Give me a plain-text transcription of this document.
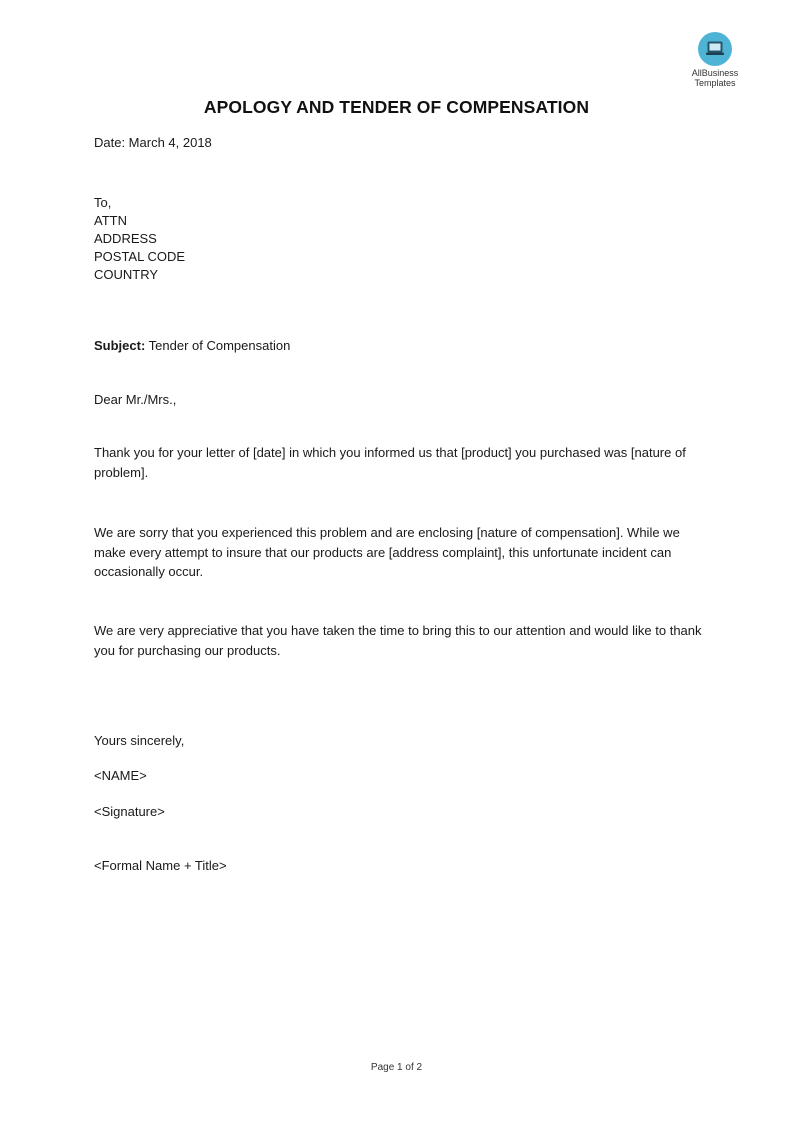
AllBusiness
Templates
APOLOGY AND TENDER OF COMPENSATION
Date: March 4, 2018
To,
ATTN
ADDRESS
POSTAL CODE
COUNTRY
Subject: Tender of Compensation
Dear Mr./Mrs.,
Thank you for your letter of [date] in which you informed us that [product] you purchased was [nature of problem].
We are sorry that you experienced this problem and are enclosing [nature of compensation]. While we make every attempt to insure that our products are [address complaint], this unfortunate incident can occasionally occur.
We are very appreciative that you have taken the time to bring this to our attention and would like to thank you for purchasing our products.
Yours sincerely,
<NAME>
<Signature>
<Formal Name + Title>
Page 1 of 2
